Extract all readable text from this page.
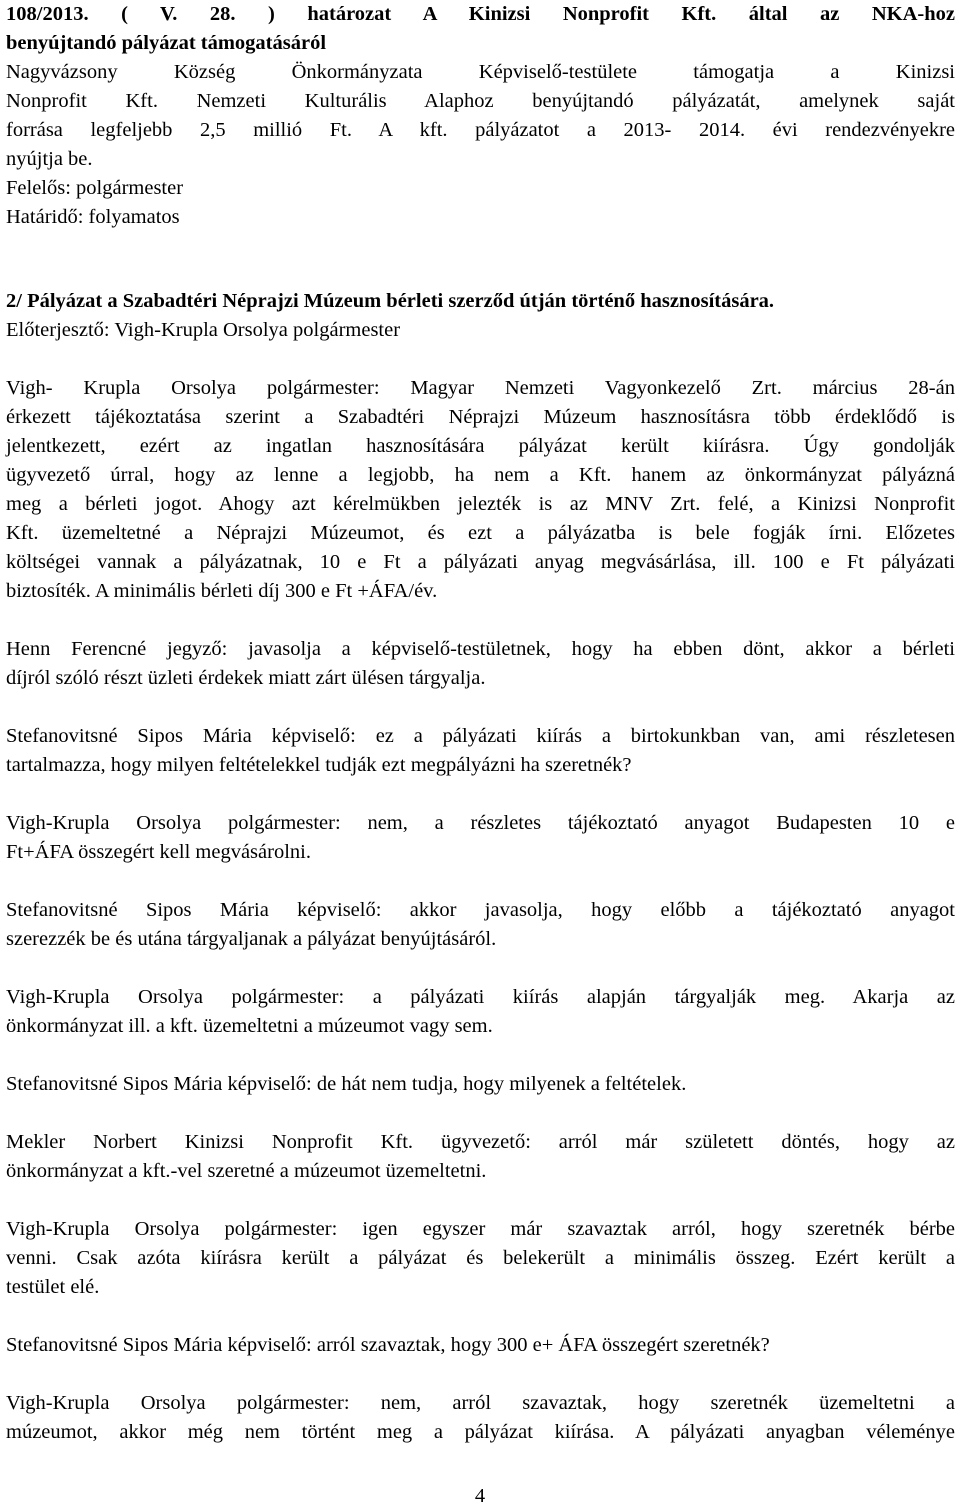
108/2013. ( V. 28. ) határozat A Kinizsi Nonprofit Kft. által az NKA-hoz
benyújtandó pályázat támogatásáról
Nagyvázsony Község Önkormányzata Képviselő-testülete támogatja a Kinizsi
Nonprofit Kft. Nemzeti Kulturális Alaphoz benyújtandó pályázatát, amelynek saját
forrása legfeljebb 2,5 millió Ft. A kft. pályázatot a 2013- 2014. évi rendezvényekre
nyújtja be.
Felelős: polgármester
Határidő: folyamatos
2/ Pályázat a Szabadtéri Néprajzi Múzeum bérleti szerződ útján történő hasznosítására.
Előterjesztő: Vigh-Krupla Orsolya polgármester
Vigh- Krupla Orsolya polgármester: Magyar Nemzeti Vagyonkezelő Zrt. március 28-án
érkezett tájékoztatása szerint a Szabadtéri Néprajzi Múzeum hasznosításra több érdeklődő is
jelentkezett, ezért az ingatlan hasznosítására pályázat került kiírásra. Úgy gondolják
ügyvezető úrral, hogy az lenne a legjobb, ha nem a Kft. hanem az önkormányzat pályázná
meg a bérleti jogot. Ahogy azt kérelmükben jelezték is az MNV Zrt. felé, a Kinizsi Nonprofit
Kft. üzemeltetné a Néprajzi Múzeumot, és ezt a pályázatba is bele fogják írni. Előzetes
költségei vannak a pályázatnak, 10 e Ft a pályázati anyag megvásárlása, ill. 100 e Ft pályázati
biztosíték. A minimális bérleti díj 300 e Ft +ÁFA/év.
Henn Ferencné jegyző: javasolja a képviselő-testületnek, hogy ha ebben dönt, akkor a bérleti
díjról szóló részt üzleti érdekek miatt zárt ülésen tárgyalja.
Stefanovitsné Sipos Mária képviselő: ez a pályázati kiírás a birtokunkban van, ami részletesen
tartalmazza, hogy milyen feltételekkel tudják ezt megpályázni ha szeretnék?
Vigh-Krupla Orsolya polgármester: nem, a részletes tájékoztató anyagot Budapesten 10 e
Ft+ÁFA összegért kell megvásárolni.
Stefanovitsné Sipos Mária képviselő: akkor javasolja, hogy előbb a tájékoztató anyagot
szerezzék be és utána tárgyaljanak a pályázat benyújtásáról.
Vigh-Krupla Orsolya polgármester: a pályázati kiírás alapján tárgyalják meg. Akarja az
önkormányzat ill. a kft. üzemeltetni a múzeumot vagy sem.
Stefanovitsné Sipos Mária képviselő: de hát nem tudja, hogy milyenek a feltételek.
Mekler Norbert Kinizsi Nonprofit Kft. ügyvezető: arról már született döntés, hogy az
önkormányzat a kft.-vel szeretné a múzeumot üzemeltetni.
Vigh-Krupla Orsolya polgármester: igen egyszer már szavaztak arról, hogy szeretnék bérbe
venni. Csak azóta kiírásra került a pályázat és belekerült a minimális összeg. Ezért került a
testület elé.
Stefanovitsné Sipos Mária képviselő: arról szavaztak, hogy 300 e+ ÁFA összegért szeretnék?
Vigh-Krupla Orsolya polgármester: nem, arról szavaztak, hogy szeretnék üzemeltetni a
múzeumot, akkor még nem történt meg a pályázat kiírása. A pályázati anyagban véleménye
4
